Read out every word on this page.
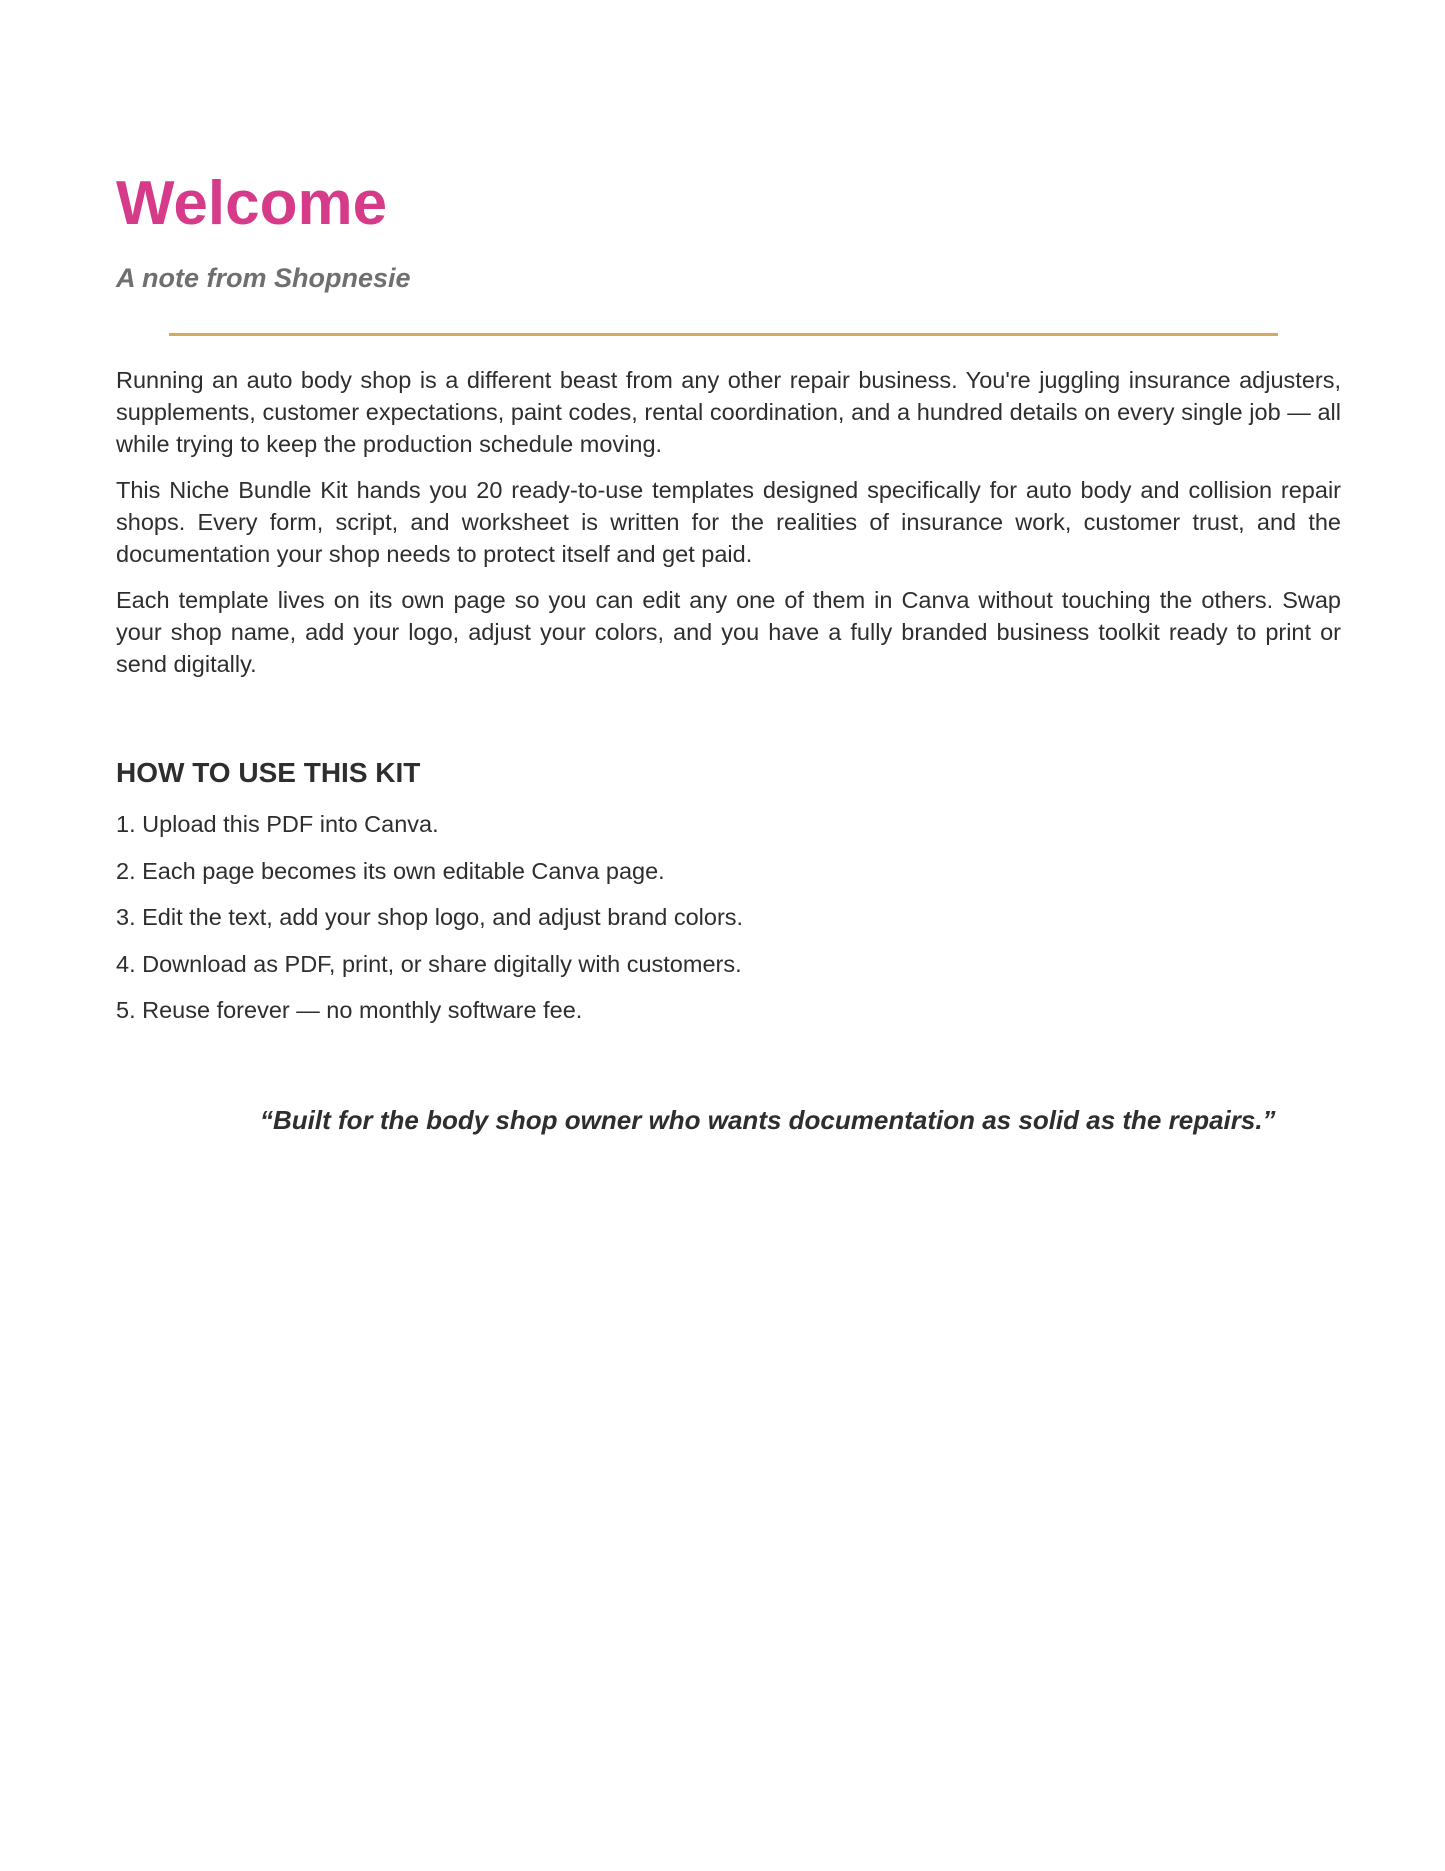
Welcome
A note from Shopnesie

Running an auto body shop is a different beast from any other repair business. You're juggling insurance adjusters, supplements, customer expectations, paint codes, rental coordination, and a hundred details on every single job — all while trying to keep the production schedule moving.

This Niche Bundle Kit hands you 20 ready-to-use templates designed specifically for auto body and collision repair shops. Every form, script, and worksheet is written for the realities of insurance work, customer trust, and the documentation your shop needs to protect itself and get paid.

Each template lives on its own page so you can edit any one of them in Canva without touching the others. Swap your shop name, add your logo, adjust your colors, and you have a fully branded business toolkit ready to print or send digitally.

HOW TO USE THIS KIT
1. Upload this PDF into Canva.
2. Each page becomes its own editable Canva page.
3. Edit the text, add your shop logo, and adjust brand colors.
4. Download as PDF, print, or share digitally with customers.
5. Reuse forever — no monthly software fee.

“Built for the body shop owner who wants documentation as solid as the repairs.”
